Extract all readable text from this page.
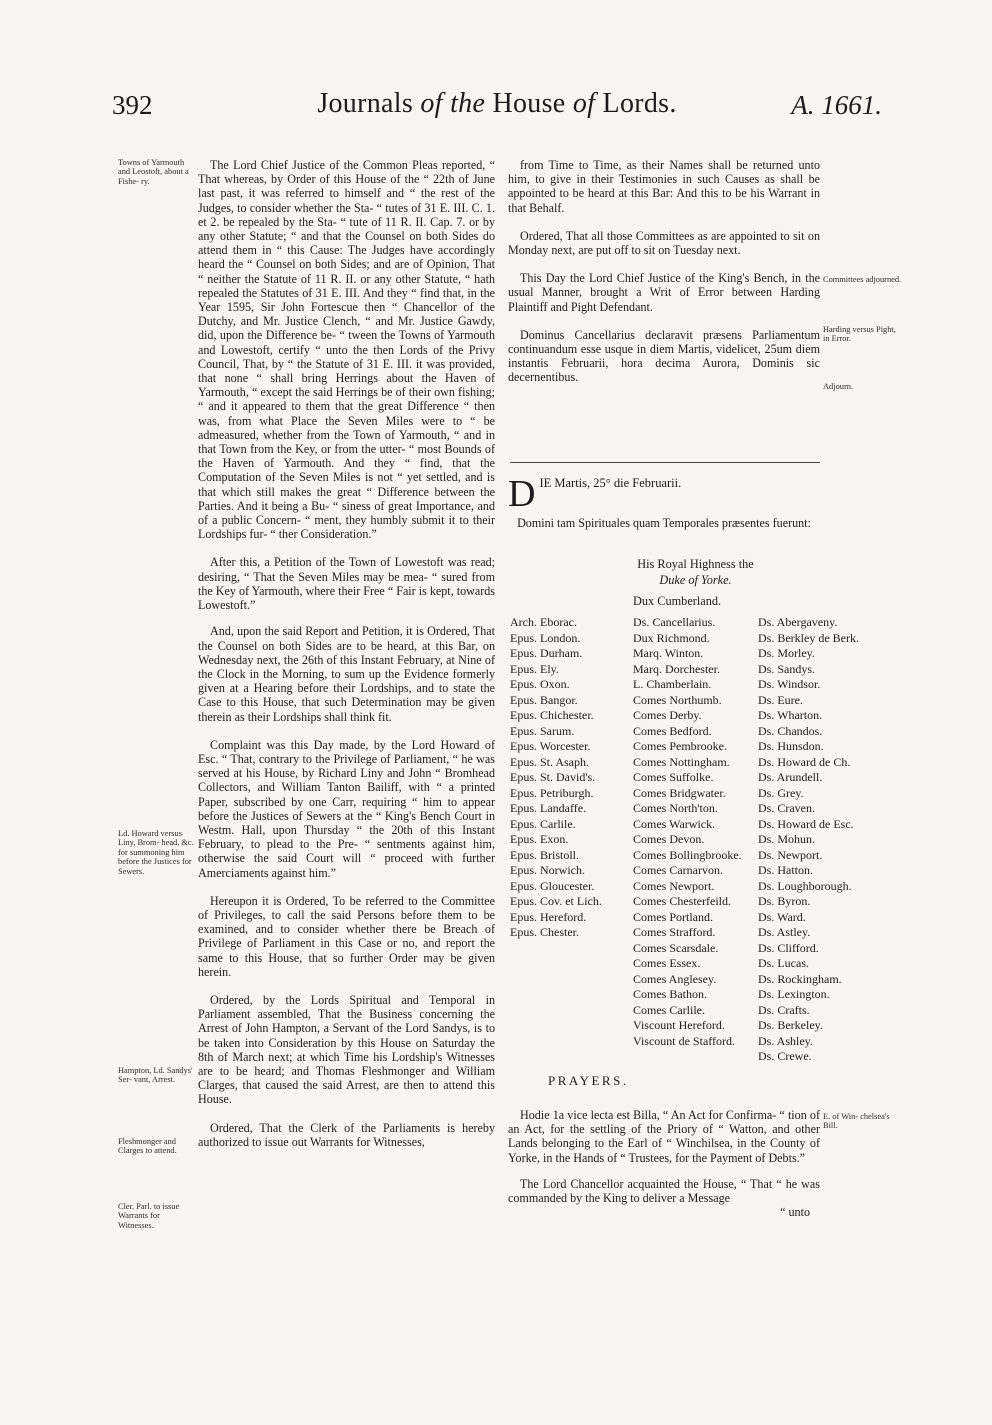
392	Journals of the House of Lords.	A. 1661.
Towns of Yarmouth and Leostoft, about a Fishe- ry.
Ld. Howard versus Liny, Brom- head, &c. for summoning him before the Justices for Sewers.
Hampton, Ld. Sandys' Ser- vant, Arrest.
Fleshmonger and Clarges to attend.
Cler. Parl. to issue Warrants for Witnesses.

The Lord Chief Justice of the Common Pleas reported, “ That whereas, by Order of this House of the “ 22th of June last past, it was referred to himself and “ the rest of the Judges, to consider whether the Sta- “ tutes of 31 E. III. C. 1. et 2. be repealed by the Sta- “ tute of 11 R. II. Cap. 7. or by any other Statute; “ and that the Counsel on both Sides do attend them in “ this Cause: The Judges have accordingly heard the “ Counsel on both Sides; and are of Opinion, That “ neither the Statute of 11 R. II. or any other Statute, “ hath repealed the Statutes of 31 E. III. And they “ find that, in the Year 1595, Sir John Fortescue then “ Chancellor of the Dutchy, and Mr. Justice Clench, “ and Mr. Justice Gawdy, did, upon the Difference be- “ tween the Towns of Yarmouth and Lowestoft, certify “ unto the then Lords of the Privy Council, That, by “ the Statute of 31 E. III. it was provided, that none “ shall bring Herrings about the Haven of Yarmouth, “ except the said Herrings be of their own fishing; “ and it appeared to them that the great Difference “ then was, from what Place the Seven Miles were to “ be admeasured, whether from the Town of Yarmouth, “ and in that Town from the Key, or from the utter- “ most Bounds of the Haven of Yarmouth. And they “ find, that the Computation of the Seven Miles is not “ yet settled, and is that which still makes the great “ Difference between the Parties. And it being a Bu- “ siness of great Importance, and of a public Concern- “ ment, they humbly submit it to their Lordships fur- “ ther Consideration.”

After this, a Petition of the Town of Lowestoft was read; desiring, “ That the Seven Miles may be mea- “ sured from the Key of Yarmouth, where their Free “ Fair is kept, towards Lowestoft.”

And, upon the said Report and Petition, it is Ordered, That the Counsel on both Sides are to be heard, at this Bar, on Wednesday next, the 26th of this Instant February, at Nine of the Clock in the Morning, to sum up the Evidence formerly given at a Hearing before their Lordships, and to state the Case to this House, that such Determination may be given therein as their Lordships shall think fit.

Complaint was this Day made, by the Lord Howard of Esc. “ That, contrary to the Privilege of Parliament, “ he was served at his House, by Richard Liny and John “ Bromhead Collectors, and William Tanton Bailiff, with “ a printed Paper, subscribed by one Carr, requiring “ him to appear before the Justices of Sewers at the “ King's Bench Court in Westm. Hall, upon Thursday “ the 20th of this Instant February, to plead to the Pre- “ sentments against him, otherwise the said Court will “ proceed with further Amerciaments against him.”

Hereupon it is Ordered, To be referred to the Committee of Privileges, to call the said Persons before them to be examined, and to consider whether there be Breach of Privilege of Parliament in this Case or no, and report the same to this House, that so further Order may be given herein.

Ordered, by the Lords Spiritual and Temporal in Parliament assembled, That the Business concerning the Arrest of John Hampton, a Servant of the Lord Sandys, is to be taken into Consideration by this House on Saturday the 8th of March next; at which Time his Lordship's Witnesses are to be heard; and Thomas Fleshmonger and William Clarges, that caused the said Arrest, are then to attend this House.

Ordered, That the Clerk of the Parliaments is hereby authorized to issue out Warrants for Witnesses,

from Time to Time, as their Names shall be returned unto him, to give in their Testimonies in such Causes as shall be appointed to be heard at this Bar: And this to be his Warrant in that Behalf.

Ordered, That all those Committees as are appointed to sit on Monday next, are put off to sit on Tuesday next.

This Day the Lord Chief Justice of the King's Bench, in the usual Manner, brought a Writ of Error between Harding Plaintiff and Pight Defendant.

Dominus Cancellarius declaravit præsens Parliamentum continuandum esse usque in diem Martis, videlicet, 25um diem instantis Februarii, hora decima Aurora, Dominis sic decernentibus.

Committees adjourned.
Harding versus Pight, in Error.
Adjourn.
E. of Win- chelsea's Bill.
D IE Martis, 25° die Februarii.
Domini tam Spirituales quam Temporales præsentes fuerunt:
His Royal Highness the
Duke of Yorke.
Dux Cumberland.
Arch. Eborac.
Epus. London.
Epus. Durham.
Epus. Ely.
Epus. Oxon.
Epus. Bangor.
Epus. Chichester.
Epus. Sarum.
Epus. Worcester.
Epus. St. Asaph.
Epus. St. David's.
Epus. Petriburgh.
Epus. Landaffe.
Epus. Carlile.
Epus. Exon.
Epus. Bristoll.
Epus. Norwich.
Epus. Gloucester.
Epus. Cov. et Lich.
Epus. Hereford.
Epus. Chester.
Ds. Cancellarius.
Dux Richmond.
Marq. Winton.
Marq. Dorchester.
L. Chamberlain.
Comes Northumb.
Comes Derby.
Comes Bedford.
Comes Pembrooke.
Comes Nottingham.
Comes Suffolke.
Comes Bridgwater.
Comes North'ton.
Comes Warwick.
Comes Devon.
Comes Bollingbrooke.
Comes Carnarvon.
Comes Newport.
Comes Chesterfeild.
Comes Portland.
Comes Strafford.
Comes Scarsdale.
Comes Essex.
Comes Anglesey.
Comes Bathon.
Comes Carlile.
Viscount Hereford.
Viscount de Stafford.
Ds. Abergaveny.
Ds. Berkley de Berk.
Ds. Morley.
Ds. Sandys.
Ds. Windsor.
Ds. Eure.
Ds. Wharton.
Ds. Chandos.
Ds. Hunsdon.
Ds. Howard de Ch.
Ds. Arundell.
Ds. Grey.
Ds. Craven.
Ds. Howard de Esc.
Ds. Mohun.
Ds. Newport.
Ds. Hatton.
Ds. Loughborough.
Ds. Byron.
Ds. Ward.
Ds. Astley.
Ds. Clifford.
Ds. Lucas.
Ds. Rockingham.
Ds. Lexington.
Ds. Crafts.
Ds. Berkeley.
Ds. Ashley.
Ds. Crewe.
PRAYERS.

Hodie 1a vice lecta est Billa, “ An Act for Confirma- “ tion of an Act, for the settling of the Priory of “ Watton, and other Lands belonging to the Earl of “ Winchilsea, in the County of Yorke, in the Hands of “ Trustees, for the Payment of Debts.”

The Lord Chancellor acquainted the House, “ That “ he was commanded by the King to deliver a Message

“ unto
